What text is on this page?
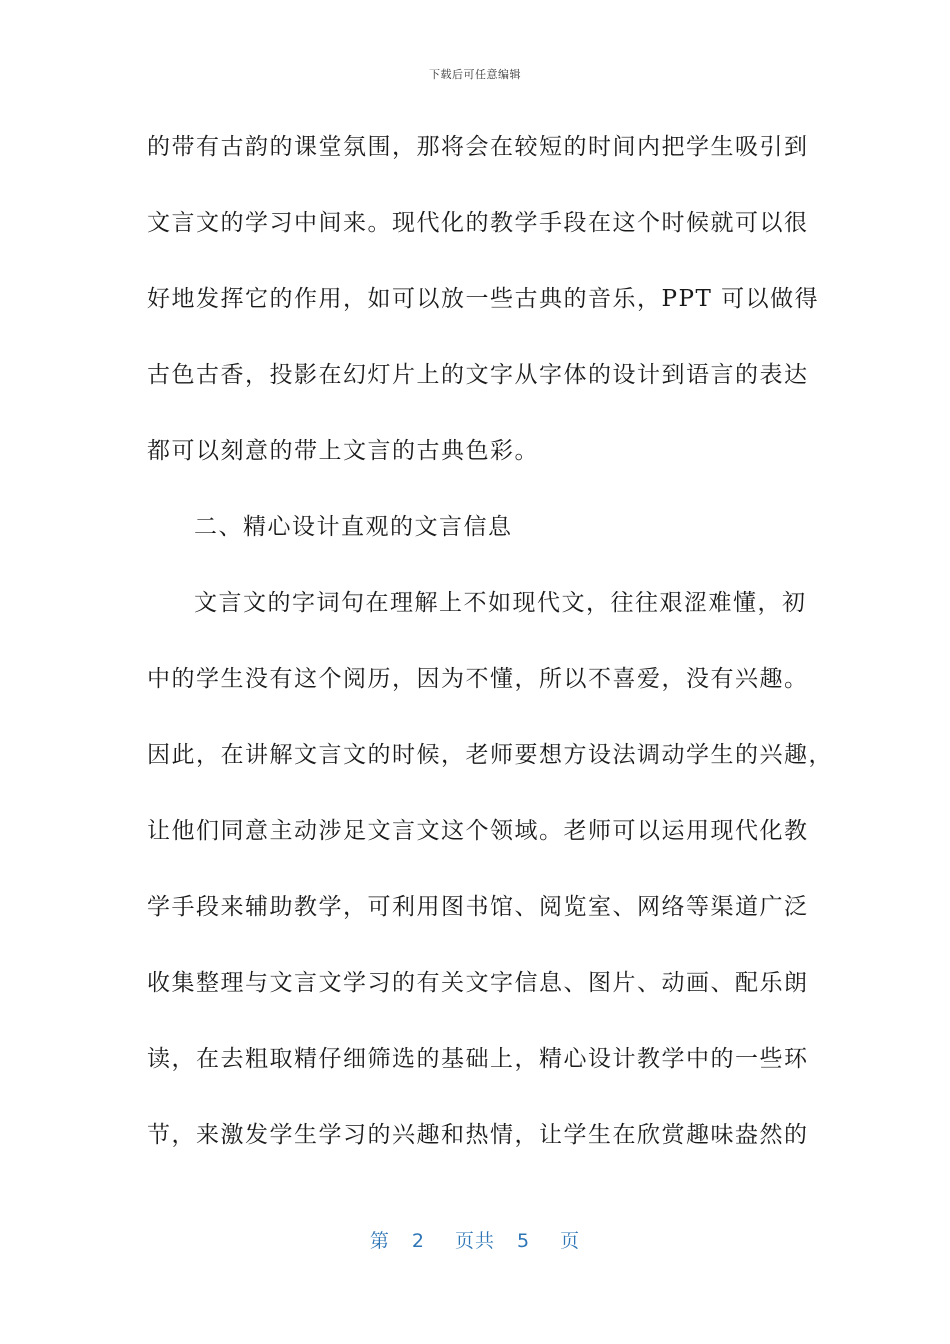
下载后可任意编辑
的带有古韵的课堂氛围，那将会在较短的时间内把学生吸引到
文言文的学习中间来。现代化的教学手段在这个时候就可以很
好地发挥它的作用，如可以放一些古典的音乐，PPT 可以做得
古色古香，投影在幻灯片上的文字从字体的设计到语言的表达
都可以刻意的带上文言的古典色彩。
二、精心设计直观的文言信息
文言文的字词句在理解上不如现代文，往往艰涩难懂，初
中的学生没有这个阅历，因为不懂，所以不喜爱，没有兴趣。
因此，在讲解文言文的时候，老师要想方设法调动学生的兴趣，
让他们同意主动涉足文言文这个领域。老师可以运用现代化教
学手段来辅助教学，可利用图书馆、阅览室、网络等渠道广泛
收集整理与文言文学习的有关文字信息、图片、动画、配乐朗
读，在去粗取精仔细筛选的基础上，精心设计教学中的一些环
节，来激发学生学习的兴趣和热情，让学生在欣赏趣味盎然的
第 2 页共 5 页
